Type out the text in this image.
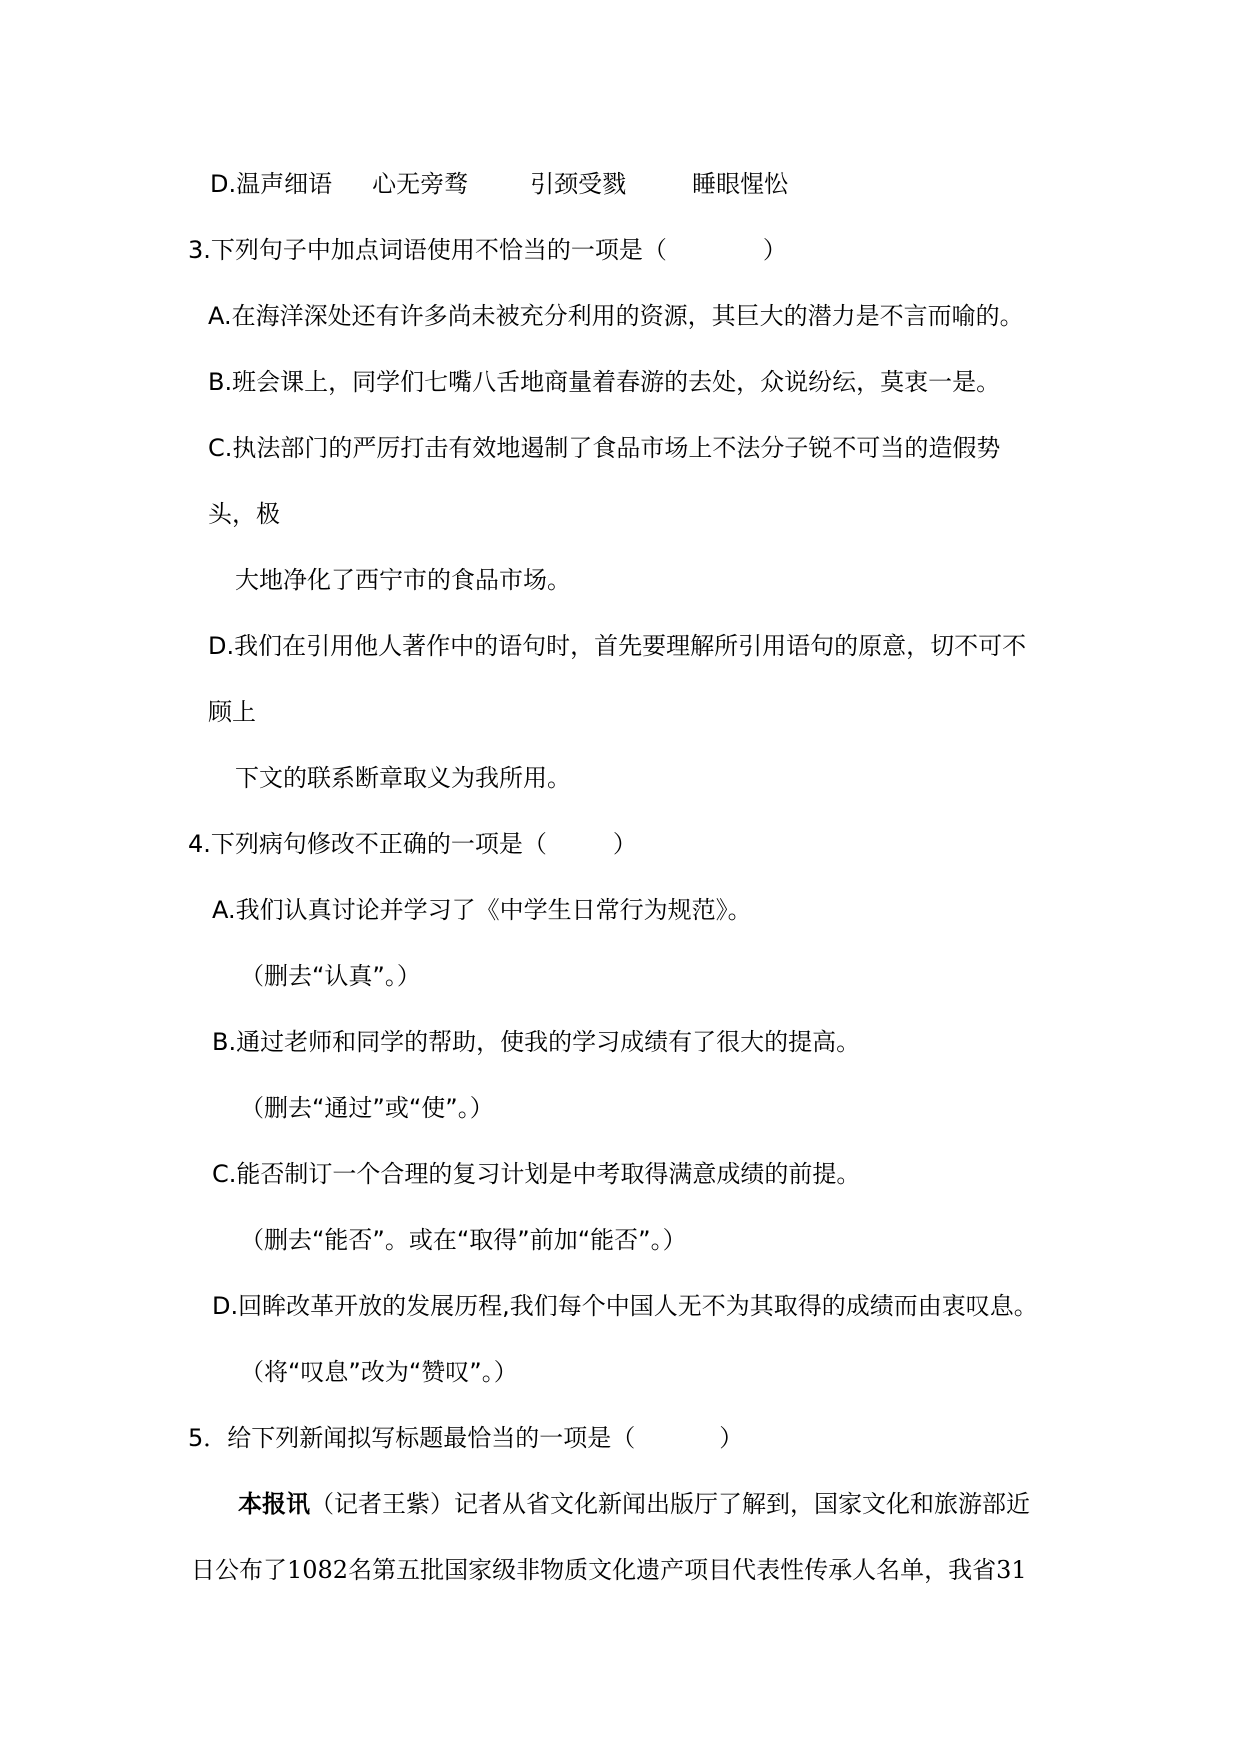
D.温声细语 心无旁骛	引颈受戮	睡眼惺忪
3.下列句子中加点词语使用不恰当的一项是（	）
A.在海洋深处还有许多尚未被充分利用的资源，其巨大的潜力是不言而喻的。
B.班会课上，同学们七嘴八舌地商量着春游的去处，众说纷纭，莫衷一是。
C.执法部门的严厉打击有效地遏制了食品市场上不法分子锐不可当的造假势
头，极
大地净化了西宁市的食品市场。
D.我们在引用他人著作中的语句时，首先要理解所引用语句的原意，切不可不
顾上
下文的联系断章取义为我所用。
4.下列病句修改不正确的一项是（	）
A.我们认真讨论并学习了《中学生日常行为规范》。
（删去“认真”。）
B.通过老师和同学的帮助，使我的学习成绩有了很大的提高。
（删去“通过”或“使”。）
C.能否制订一个合理的复习计划是中考取得满意成绩的前提。
（删去“能否”。或在“取得”前加“能否”。）
D.回眸改革开放的发展历程,我们每个中国人无不为其取得的成绩而由衷叹息。
（将“叹息”改为“赞叹”。）
5．给下列新闻拟写标题最恰当的一项是（	）
本报讯（记者王紫）记者从省文化新闻出版厅了解到，国家文化和旅游部近
日公布了1082名第五批国家级非物质文化遗产项目代表性传承人名单，我省31
